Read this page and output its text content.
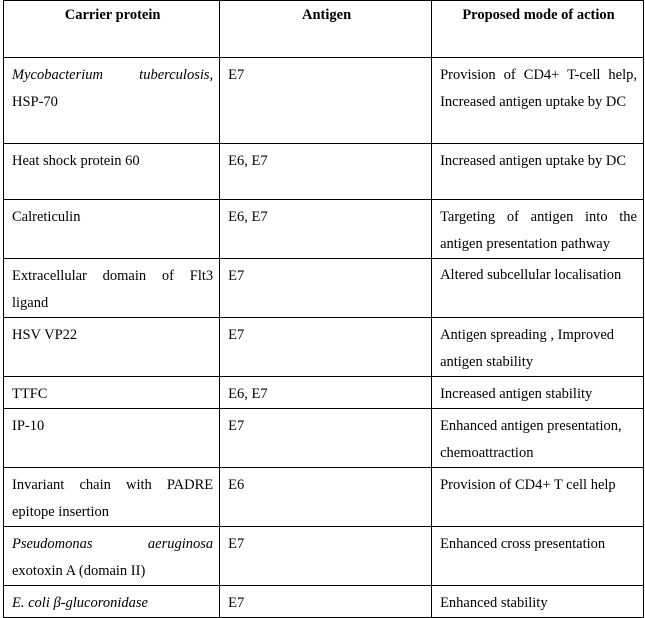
Carrier protein	Antigen	Proposed mode of action
Mycobacterium tuberculosis, HSP-70	E7	Provision of CD4+ T-cell help, Increased antigen uptake by DC
Heat shock protein 60	E6, E7	Increased antigen uptake by DC
Calreticulin	E6, E7	Targeting of antigen into the antigen presentation pathway
Extracellular domain of Flt3 ligand	E7	Altered subcellular localisation
HSV VP22	E7	Antigen spreading , Improved antigen stability
TTFC	E6, E7	Increased antigen stability
IP-10	E7	Enhanced antigen presentation, chemoattraction
Invariant chain with PADRE epitope insertion	E6	Provision of CD4+ T cell help
Pseudomonas aeruginosa exotoxin A (domain II)	E7	Enhanced cross presentation
E. coli β-glucoronidase	E7	Enhanced stability
